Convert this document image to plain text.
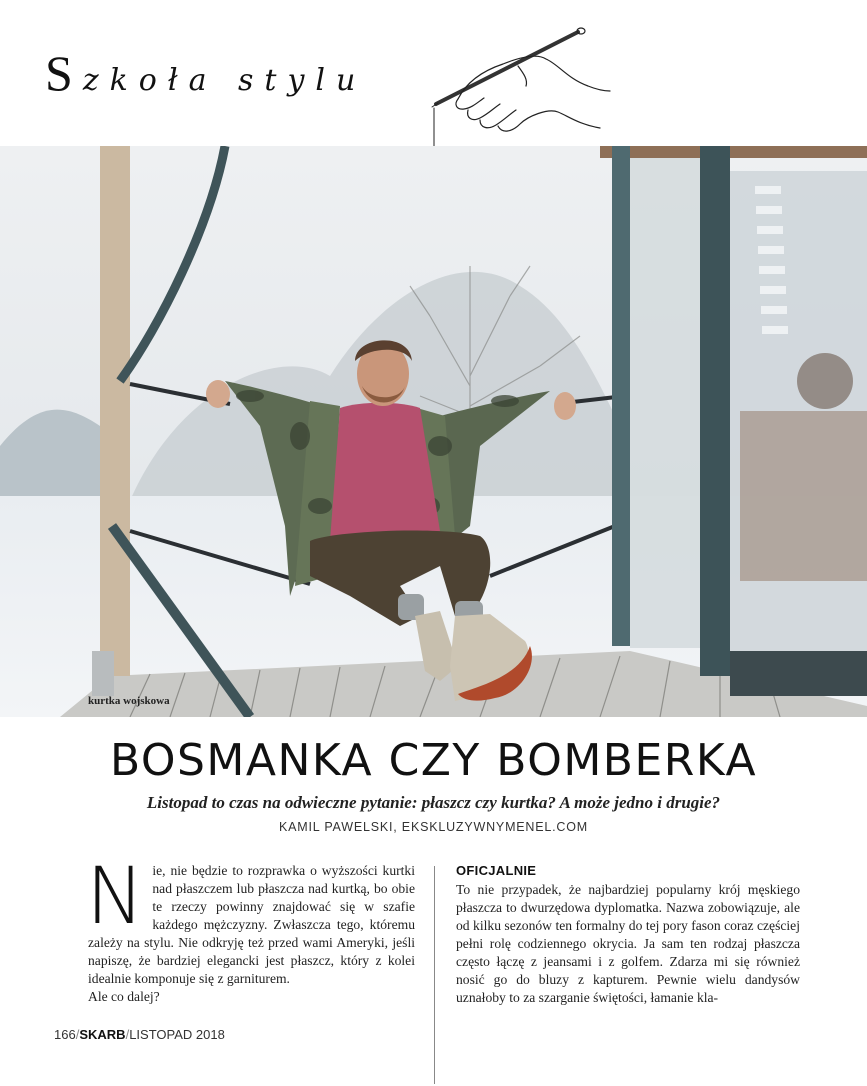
Szkoła stylu
kurtka wojskowa
BOSMANKA CZY BOMBERKA
Listopad to czas na odwieczne pytanie: płaszcz czy kurtka? A może jedno i drugie?
KAMIL PAWELSKI, EKSKLUZYWNYMENEL.COM
N ie, nie będzie to rozprawka o wyższości kurtki nad płaszczem lub płaszcza nad kurtką, bo obie te rzeczy powinny znajdować się w szafie każdego mężczyzny. Zwłaszcza tego, któremu zależy na stylu. Nie odkryję też przed wami Ameryki, jeśli napiszę, że bardziej elegancki jest płaszcz, który z kolei idealnie komponuje się z garniturem.

Ale co dalej?

OFICJALNIE

To nie przypadek, że najbardziej popularny krój męskiego płaszcza to dwurzędowa dyplomatka. Nazwa zobowiązuje, ale od kilku sezonów ten formalny do tej pory fason coraz częściej pełni rolę codziennego okrycia. Ja sam ten rodzaj płaszcza często łączę z jeansami i z golfem. Zdarza mi się również nosić go do bluzy z kapturem. Pewnie wielu dandysów uznałoby to za szarganie świętości, łamanie kla-

166/SKARB/LISTOPAD 2018
